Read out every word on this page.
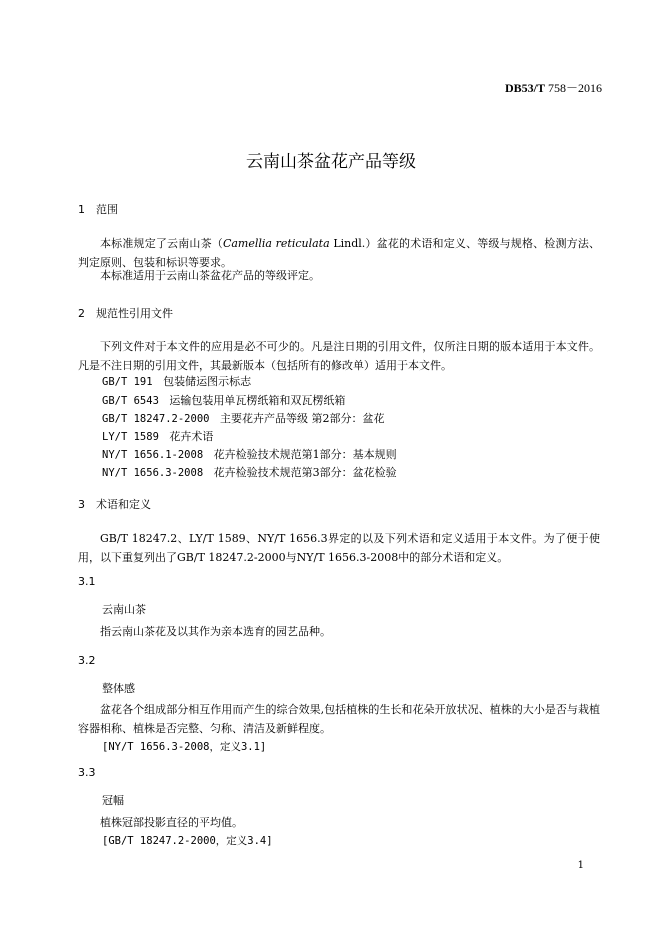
DB53/T 758－2016
云南山茶盆花产品等级
1 范围
本标准规定了云南山茶（Camellia reticulata Lindl.）盆花的术语和定义、等级与规格、检测方法、判定原则、包装和标识等要求。
本标准适用于云南山茶盆花产品的等级评定。
2 规范性引用文件
下列文件对于本文件的应用是必不可少的。凡是注日期的引用文件，仅所注日期的版本适用于本文件。凡是不注日期的引用文件，其最新版本（包括所有的修改单）适用于本文件。
GB/T 191 包装储运图示标志
GB/T 6543 运输包装用单瓦楞纸箱和双瓦楞纸箱
GB/T 18247.2-2000 主要花卉产品等级 第2部分：盆花
LY/T 1589 花卉术语
NY/T 1656.1-2008 花卉检验技术规范第1部分：基本规则
NY/T 1656.3-2008 花卉检验技术规范第3部分：盆花检验
3 术语和定义
GB/T 18247.2、LY/T 1589、NY/T 1656.3界定的以及下列术语和定义适用于本文件。为了便于使用，以下重复列出了GB/T 18247.2-2000与NY/T 1656.3-2008中的部分术语和定义。
3.1
云南山茶
指云南山茶花及以其作为亲本选育的园艺品种。
3.2
整体感
盆花各个组成部分相互作用而产生的综合效果,包括植株的生长和花朵开放状况、植株的大小是否与栽植容器相称、植株是否完整、匀称、清洁及新鲜程度。
[NY/T 1656.3-2008，定义3.1]
3.3
冠幅
植株冠部投影直径的平均值。
[GB/T 18247.2-2000，定义3.4]
1
